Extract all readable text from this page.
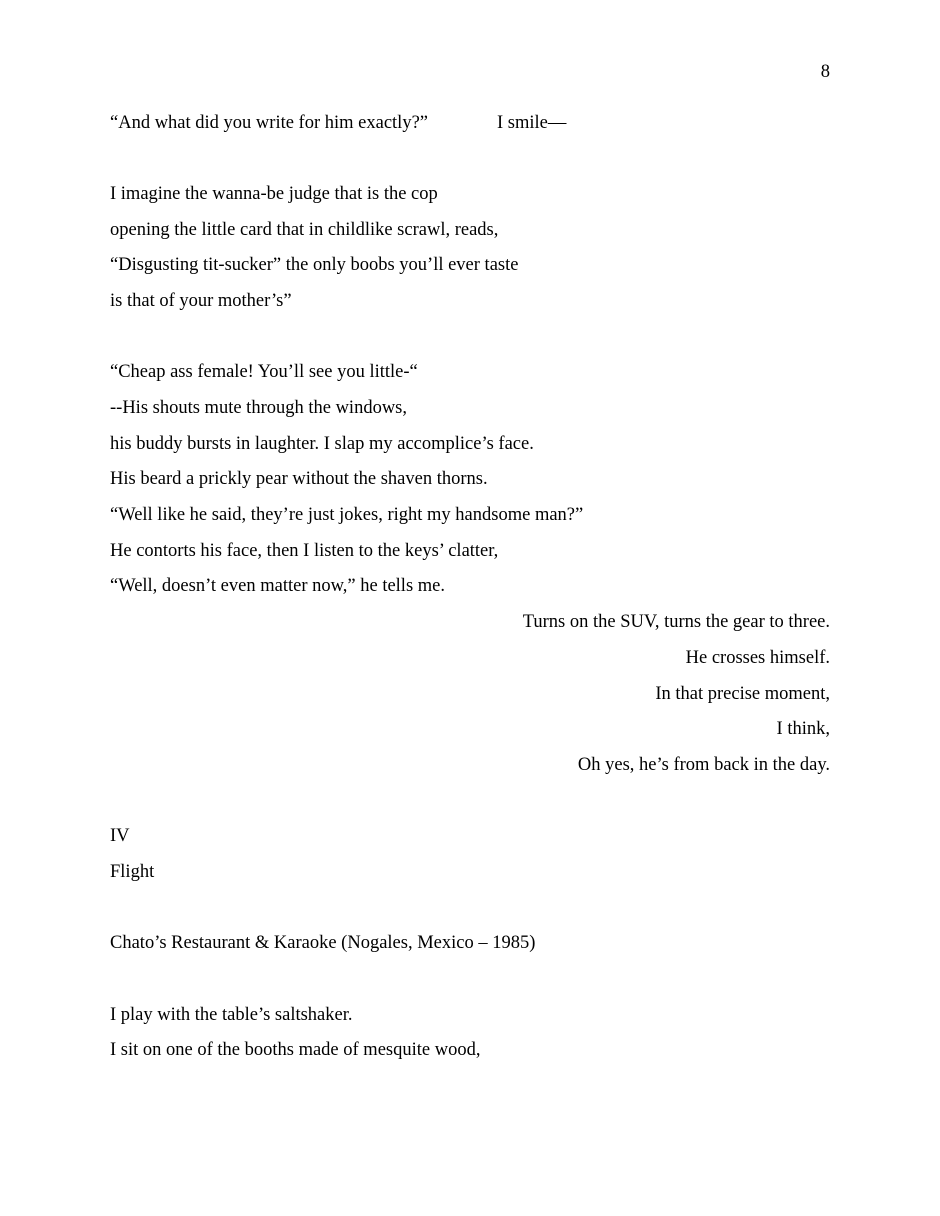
8
“And what did you write for him exactly?”	I smile—

I imagine the wanna-be judge that is the cop
opening the little card that in childlike scrawl, reads,
“Disgusting tit-sucker” the only boobs you’ll ever taste
is that of your mother’s”

“Cheap ass female! You’ll see you little-“
--His shouts mute through the windows,
his buddy bursts in laughter. I slap my accomplice’s face.
His beard a prickly pear without the shaven thorns.
“Well like he said, they’re just jokes, right my handsome man?”
He contorts his face, then I listen to the keys’ clatter,
“Well, doesn’t even matter now,” he tells me.
Turns on the SUV, turns the gear to three.
He crosses himself.
In that precise moment,
I think,
Oh yes, he’s from back in the day.

IV
Flight

Chato’s Restaurant & Karaoke (Nogales, Mexico – 1985)

I play with the table’s saltshaker.
I sit on one of the booths made of mesquite wood,
